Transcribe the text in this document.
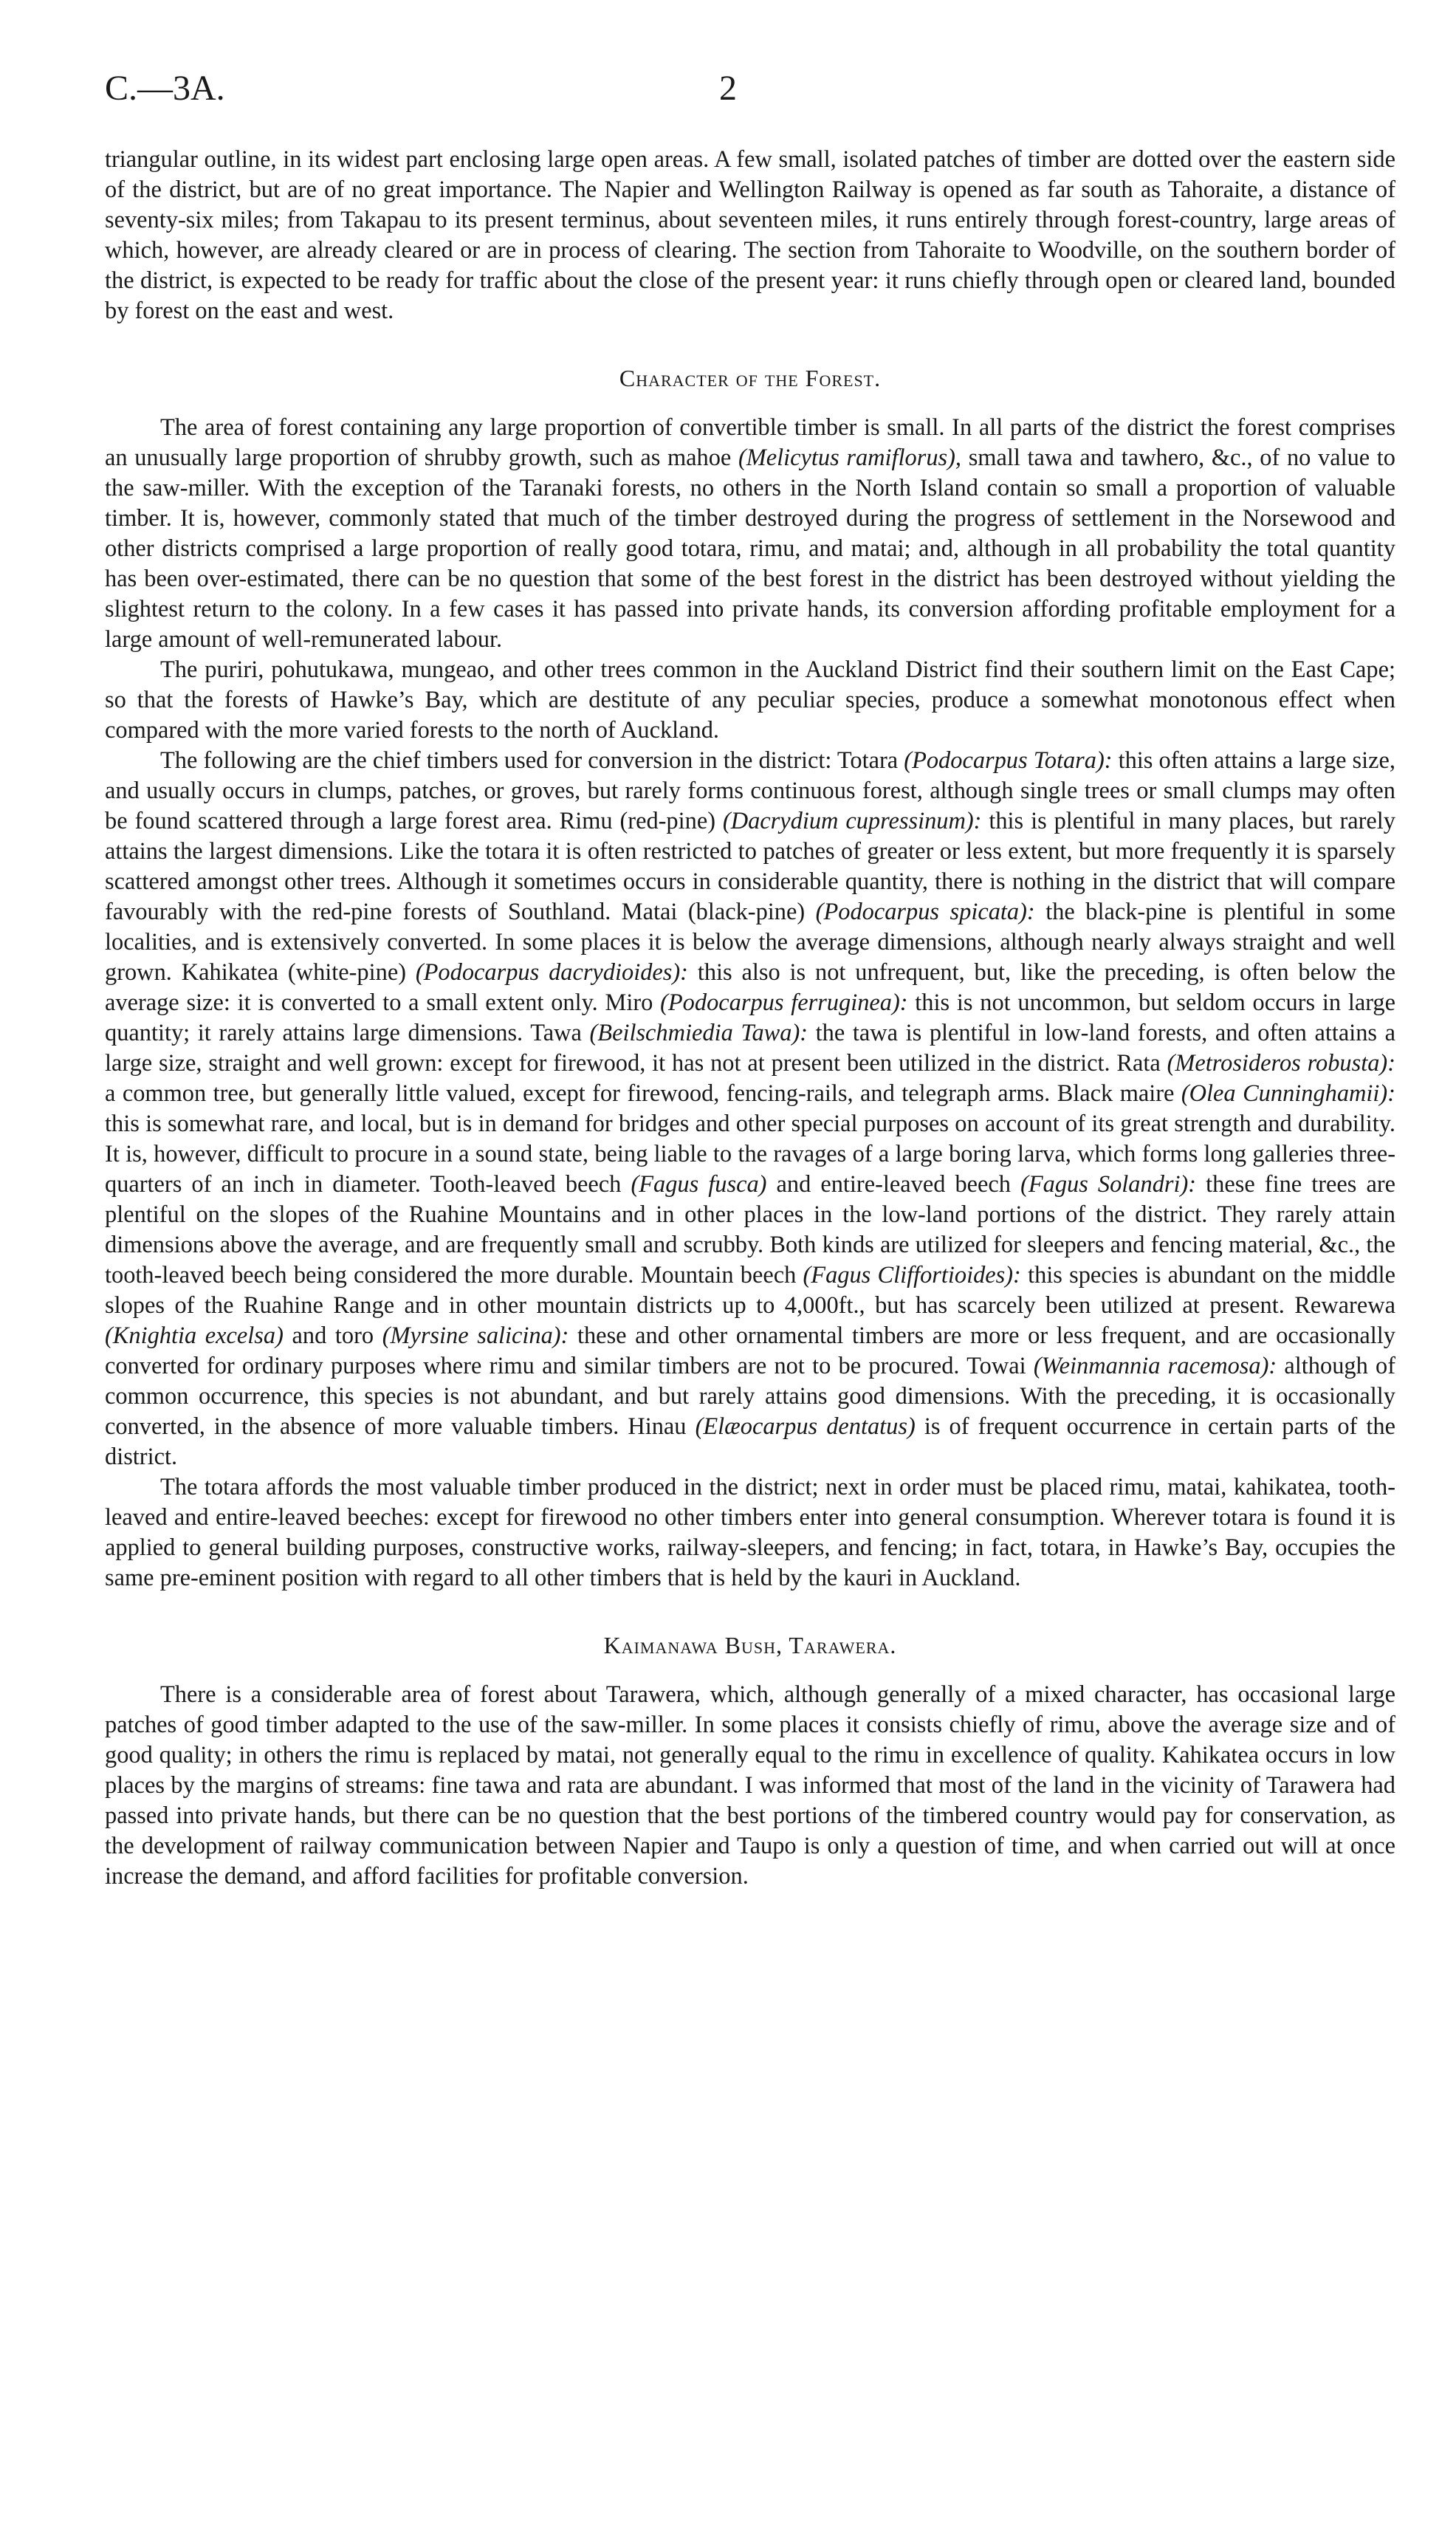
C.—3A.	2

triangular outline, in its widest part enclosing large open areas. A few small, isolated patches of timber are dotted over the eastern side of the district, but are of no great importance. The Napier and Wellington Railway is opened as far south as Tahoraite, a distance of seventy-six miles; from Takapau to its present terminus, about seventeen miles, it runs entirely through forest-country, large areas of which, however, are already cleared or are in process of clearing. The section from Tahoraite to Woodville, on the southern border of the district, is expected to be ready for traffic about the close of the present year: it runs chiefly through open or cleared land, bounded by forest on the east and west.

Character of the Forest.

The area of forest containing any large proportion of convertible timber is small. In all parts of the district the forest comprises an unusually large proportion of shrubby growth, such as mahoe (Melicytus ramiflorus), small tawa and tawhero, &c., of no value to the saw-miller. With the exception of the Taranaki forests, no others in the North Island contain so small a proportion of valuable timber. It is, however, commonly stated that much of the timber destroyed during the progress of settlement in the Norsewood and other districts comprised a large proportion of really good totara, rimu, and matai; and, although in all probability the total quantity has been over-estimated, there can be no question that some of the best forest in the district has been destroyed without yielding the slightest return to the colony. In a few cases it has passed into private hands, its conversion affording profitable employment for a large amount of well-remunerated labour.

The puriri, pohutukawa, mungeao, and other trees common in the Auckland District find their southern limit on the East Cape; so that the forests of Hawke’s Bay, which are destitute of any peculiar species, produce a somewhat monotonous effect when compared with the more varied forests to the north of Auckland.

The following are the chief timbers used for conversion in the district: Totara (Podocarpus Totara): this often attains a large size, and usually occurs in clumps, patches, or groves, but rarely forms continuous forest, although single trees or small clumps may often be found scattered through a large forest area. Rimu (red-pine) (Dacrydium cupressinum): this is plentiful in many places, but rarely attains the largest dimensions. Like the totara it is often restricted to patches of greater or less extent, but more frequently it is sparsely scattered amongst other trees. Although it sometimes occurs in considerable quantity, there is nothing in the district that will compare favourably with the red-pine forests of Southland. Matai (black-pine) (Podocarpus spicata): the black-pine is plentiful in some localities, and is extensively converted. In some places it is below the average dimensions, although nearly always straight and well grown. Kahikatea (white-pine) (Podocarpus dacrydioides): this also is not unfrequent, but, like the preceding, is often below the average size: it is converted to a small extent only. Miro (Podocarpus ferruginea): this is not uncommon, but seldom occurs in large quantity; it rarely attains large dimensions. Tawa (Beilschmiedia Tawa): the tawa is plentiful in low-land forests, and often attains a large size, straight and well grown: except for firewood, it has not at present been utilized in the district. Rata (Metrosideros robusta): a common tree, but generally little valued, except for firewood, fencing-rails, and telegraph arms. Black maire (Olea Cunninghamii): this is somewhat rare, and local, but is in demand for bridges and other special purposes on account of its great strength and durability. It is, however, difficult to procure in a sound state, being liable to the ravages of a large boring larva, which forms long galleries three-quarters of an inch in diameter. Tooth-leaved beech (Fagus fusca) and entire-leaved beech (Fagus Solandri): these fine trees are plentiful on the slopes of the Ruahine Mountains and in other places in the low-land portions of the district. They rarely attain dimensions above the average, and are frequently small and scrubby. Both kinds are utilized for sleepers and fencing material, &c., the tooth-leaved beech being considered the more durable. Mountain beech (Fagus Cliffortioides): this species is abundant on the middle slopes of the Ruahine Range and in other mountain districts up to 4,000ft., but has scarcely been utilized at present. Rewarewa (Knightia excelsa) and toro (Myrsine salicina): these and other ornamental timbers are more or less frequent, and are occasionally converted for ordinary purposes where rimu and similar timbers are not to be procured. Towai (Weinmannia racemosa): although of common occurrence, this species is not abundant, and but rarely attains good dimensions. With the preceding, it is occasionally converted, in the absence of more valuable timbers. Hinau (Elæocarpus dentatus) is of frequent occurrence in certain parts of the district.

The totara affords the most valuable timber produced in the district; next in order must be placed rimu, matai, kahikatea, tooth-leaved and entire-leaved beeches: except for firewood no other timbers enter into general consumption. Wherever totara is found it is applied to general building purposes, constructive works, railway-sleepers, and fencing; in fact, totara, in Hawke’s Bay, occupies the same pre-eminent position with regard to all other timbers that is held by the kauri in Auckland.

Kaimanawa Bush, Tarawera.

There is a considerable area of forest about Tarawera, which, although generally of a mixed character, has occasional large patches of good timber adapted to the use of the saw-miller. In some places it consists chiefly of rimu, above the average size and of good quality; in others the rimu is replaced by matai, not generally equal to the rimu in excellence of quality. Kahikatea occurs in low places by the margins of streams: fine tawa and rata are abundant. I was informed that most of the land in the vicinity of Tarawera had passed into private hands, but there can be no question that the best portions of the timbered country would pay for conservation, as the development of railway communication between Napier and Taupo is only a question of time, and when carried out will at once increase the demand, and afford facilities for profitable conversion.
